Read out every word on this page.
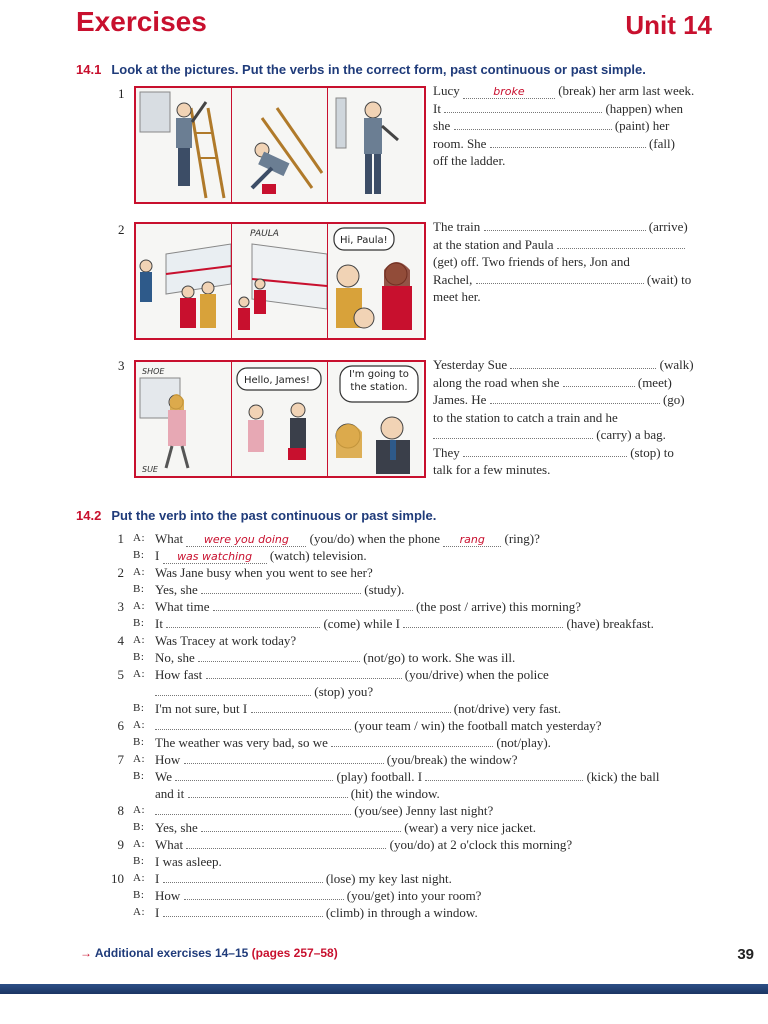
Exercises	Unit 14
14.1 Look at the pictures. Put the verbs in the correct form, past continuous or past simple.
1	Lucy	broke	(break) her arm last week.
It	(happen) when
she	(paint) her
room. She	(fall)
off the ladder.
2	PAULA
Hi, Paula!
The train	(arrive)
at the station and Paula
(get) off. Two friends of hers, Jon and
Rachel,	(wait) to
meet her.
3 SHOE
SUE
Hello, James!
I'm going to the station.
Yesterday Sue	(walk)
along the road when she	(meet)
James. He	(go)
to the station to catch a train and he
(carry) a bag.
They	(stop) to
talk for a few minutes.
14.2 Put the verb into the past continuous or past simple.
1 A: What were you doing (you/do) when the phone rang (ring)?
B: I was watching (watch) television.
2 A: Was Jane busy when you went to see her?
B: Yes, she	(study).
3 A: What time	(the post / arrive) this morning?
B: It	(come) while I	(have) breakfast.
4 A: Was Tracey at work today?
B: No, she	(not/go) to work. She was ill.
5 A: How fast	(you/drive) when the police
(stop) you?
B: I'm not sure, but I	(not/drive) very fast.
6 A:	(your team / win) the football match yesterday?
B: The weather was very bad, so we	(not/play).
7 A: How	(you/break) the window?
B: We	(play) football. I	(kick) the ball
and it	(hit) the window.
8 A:	(you/see) Jenny last night?
B: Yes, she	(wear) a very nice jacket.
9 A: What	(you/do) at 2 o'clock this morning?
B: I was asleep.
10 A: I	(lose) my key last night.
B: How	(you/get) into your room?
A: I	(climb) in through a window.
→ Additional exercises 14–15 (pages 257–58)	39
